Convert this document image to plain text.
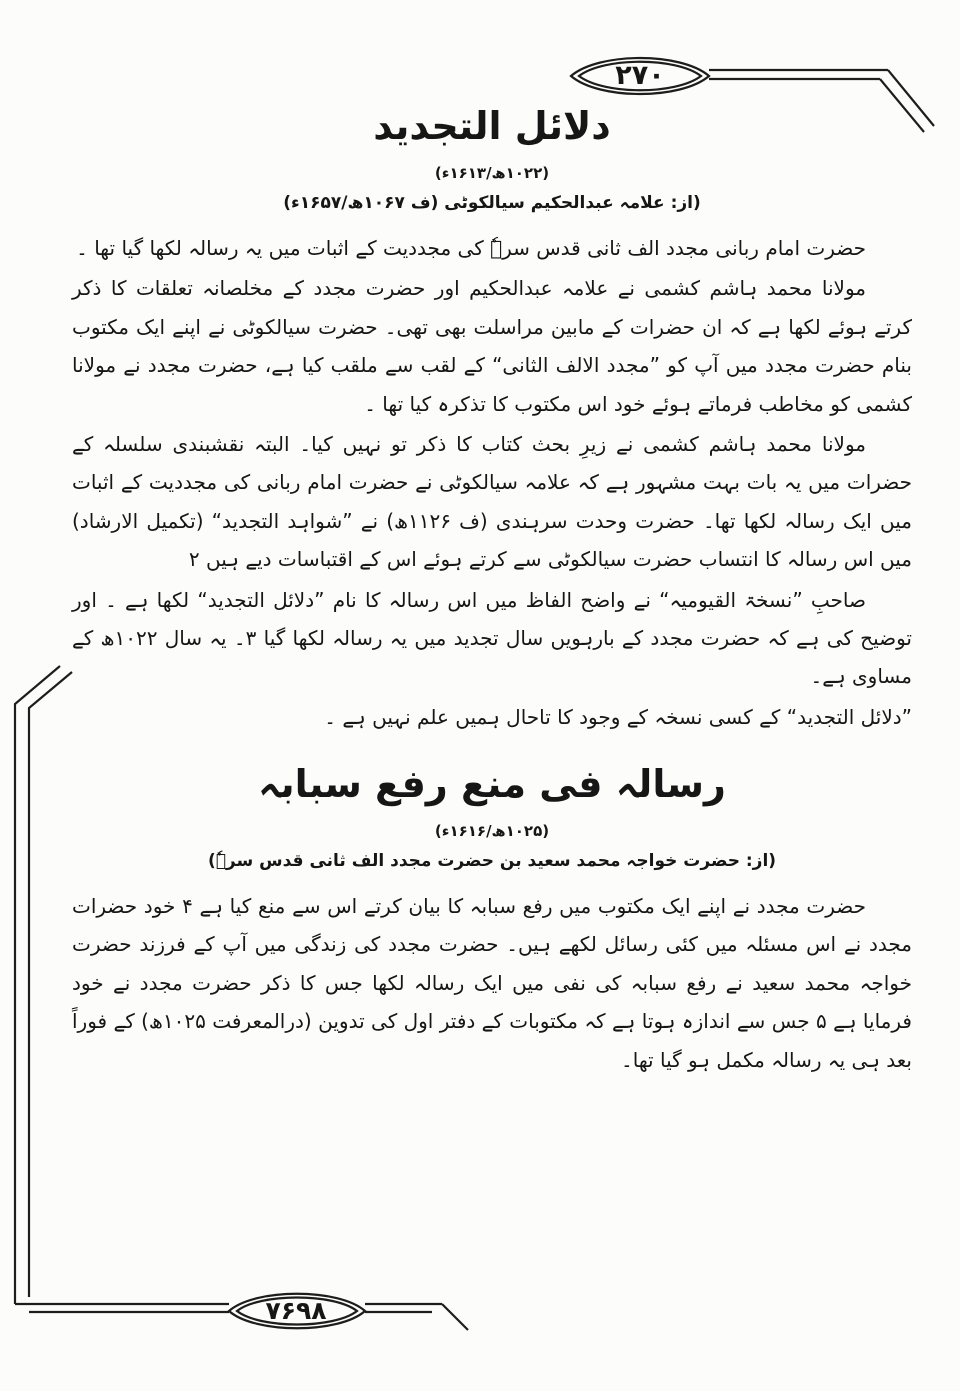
۲۷۰
۷۶۹۸
دلائل التجدید
(۱۰۲۲ھ/۱۶۱۳ء)
(از: علامہ عبدالحکیم سیالکوٹی (ف ۱۰۶۷ھ/۱۶۵۷ء)

حضرت امام ربانی مجدد الف ثانی قدس سرہٗ کی مجددیت کے اثبات میں یہ رسالہ لکھا گیا تھا ۔

مولانا محمد ہاشم کشمی نے علامہ عبدالحکیم اور حضرت مجدد کے مخلصانہ تعلقات کا ذکر کرتے ہوئے لکھا ہے کہ ان حضرات کے مابین مراسلت بھی تھی۔ حضرت سیالکوٹی نے اپنے ایک مکتوب بنام حضرت مجدد میں آپ کو ”مجدد الالف الثانی“ کے لقب سے ملقب کیا ہے، حضرت مجدد نے مولانا کشمی کو مخاطب فرماتے ہوئے خود اس مکتوب کا تذکرہ کیا تھا ۔

مولانا محمد ہاشم کشمی نے زیرِ بحث کتاب کا ذکر تو نہیں کیا۔ البتہ نقشبندی سلسلہ کے حضرات میں یہ بات بہت مشہور ہے کہ علامہ سیالکوٹی نے حضرت امام ربانی کی مجددیت کے اثبات میں ایک رسالہ لکھا تھا۔ حضرت وحدت سرہندی (ف ۱۱۲۶ھ) نے ”شواہد التجدید“ (تکمیل الارشاد) میں اس رسالہ کا انتساب حضرت سیالکوٹی سے کرتے ہوئے اس کے اقتباسات دیے ہیں ۲

صاحبِ ”نسخۃ القیومیہ“ نے واضح الفاظ میں اس رسالہ کا نام ”دلائل التجدید“ لکھا ہے ۔ اور توضیح کی ہے کہ حضرت مجدد کے بارہویں سال تجدید میں یہ رسالہ لکھا گیا ۳۔ یہ سال ۱۰۲۲ھ کے مساوی ہے۔

”دلائل التجدید“ کے کسی نسخہ کے وجود کا تاحال ہمیں علم نہیں ہے ۔

رسالہ فی منع رفع سبابہ
(۱۰۲۵ھ/۱۶۱۶ء)
(از: حضرت خواجہ محمد سعید بن حضرت مجدد الف ثانی قدس سرہٗ)

حضرت مجدد نے اپنے ایک مکتوب میں رفع سبابہ کا بیان کرتے اس سے منع کیا ہے ۴ خود حضرات مجدد نے اس مسئلہ میں کئی رسائل لکھے ہیں۔ حضرت مجدد کی زندگی میں آپ کے فرزند حضرت خواجہ محمد سعید نے رفع سبابہ کی نفی میں ایک رسالہ لکھا جس کا ذکر حضرت مجدد نے خود فرمایا ہے ۵ جس سے اندازہ ہوتا ہے کہ مکتوبات کے دفتر اول کی تدوین (درالمعرفت ۱۰۲۵ھ) کے فوراً بعد ہی یہ رسالہ مکمل ہو گیا تھا۔
